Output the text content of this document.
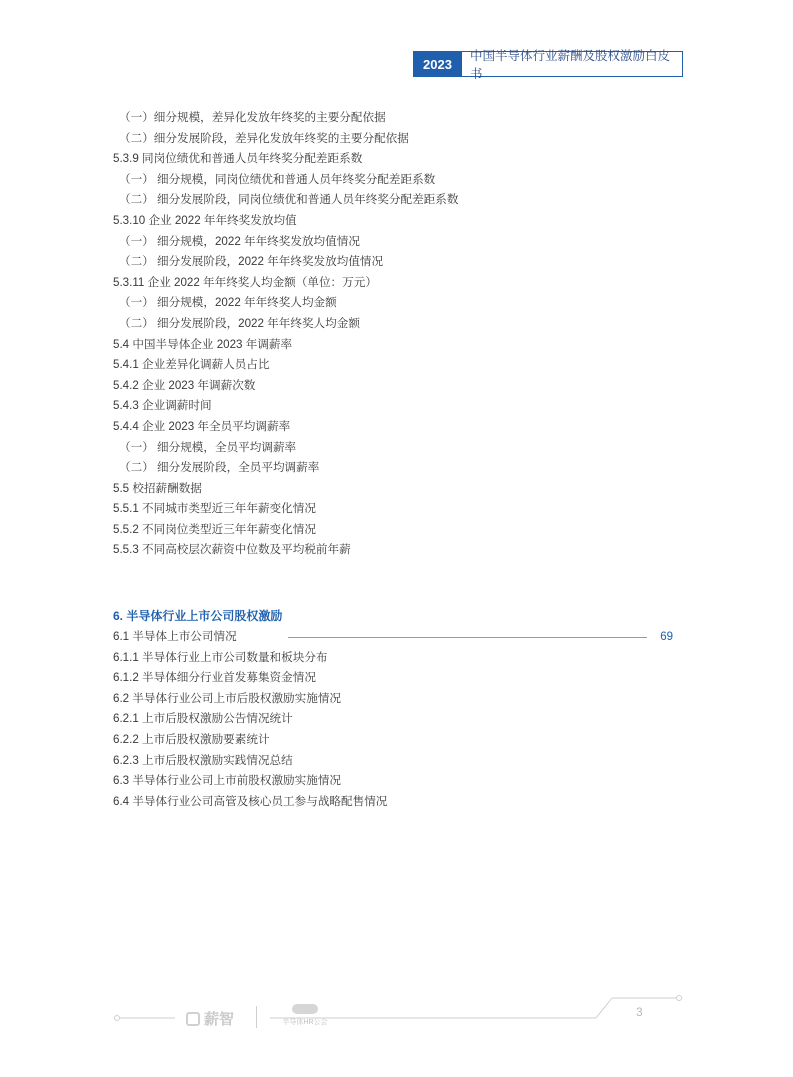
2023
中国半导体行业薪酬及股权激励白皮书
（一）细分规模，差异化发放年终奖的主要分配依据
（二）细分发展阶段，差异化发放年终奖的主要分配依据
5.3.9 同岗位绩优和普通人员年终奖分配差距系数
（一） 细分规模，同岗位绩优和普通人员年终奖分配差距系数
（二） 细分发展阶段，同岗位绩优和普通人员年终奖分配差距系数
5.3.10 企业 2022 年年终奖发放均值
（一） 细分规模，2022 年年终奖发放均值情况
（二） 细分发展阶段，2022 年年终奖发放均值情况
5.3.11 企业 2022 年年终奖人均金额（单位：万元）
（一） 细分规模，2022 年年终奖人均金额
（二） 细分发展阶段，2022 年年终奖人均金额
5.4 中国半导体企业 2023 年调薪率
5.4.1 企业差异化调薪人员占比
5.4.2 企业 2023 年调薪次数
5.4.3 企业调薪时间
5.4.4 企业 2023 年全员平均调薪率
（一） 细分规模，全员平均调薪率
（二） 细分发展阶段，全员平均调薪率
5.5 校招薪酬数据
5.5.1 不同城市类型近三年年薪变化情况
5.5.2 不同岗位类型近三年年薪变化情况
5.5.3 不同高校层次薪资中位数及平均税前年薪
6. 半导体行业上市公司股权激励
6.1 半导体上市公司情况	69
6.1.1 半导体行业上市公司数量和板块分布
6.1.2 半导体细分行业首发募集资金情况
6.2 半导体行业公司上市后股权激励实施情况
6.2.1 上市后股权激励公告情况统计
6.2.2 上市后股权激励要素统计
6.2.3 上市后股权激励实践情况总结
6.3 半导体行业公司上市前股权激励实施情况
6.4 半导体行业公司高管及核心员工参与战略配售情况
薪智	半导体HR公会
3
